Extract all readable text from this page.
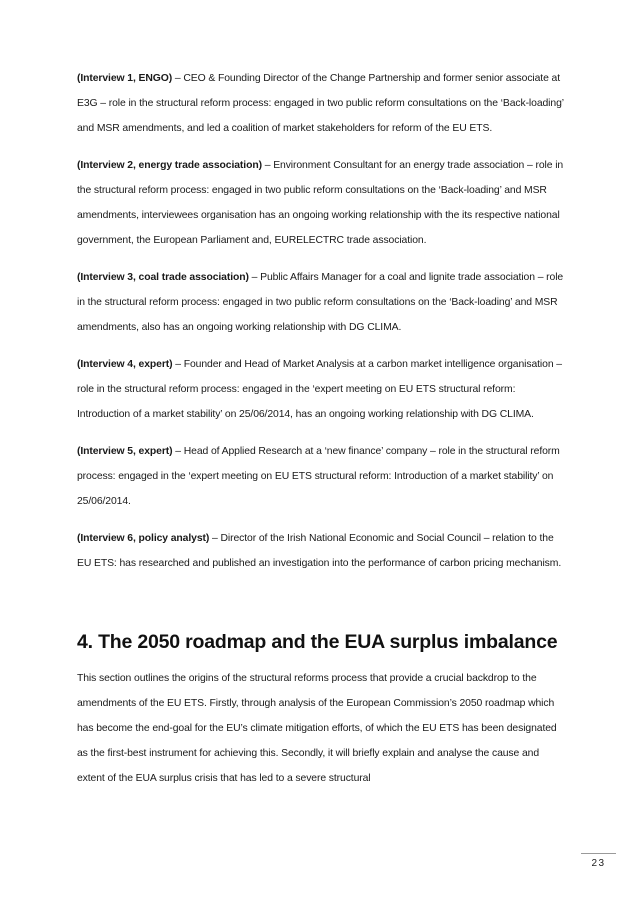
(Interview 1, ENGO) – CEO & Founding Director of the Change Partnership and former senior associate at E3G – role in the structural reform process: engaged in two public reform consultations on the ‘Back-loading’ and MSR amendments, and led a coalition of market stakeholders for reform of the EU ETS.

(Interview 2, energy trade association) – Environment Consultant for an energy trade association – role in the structural reform process: engaged in two public reform consultations on the ‘Back-loading’ and MSR amendments, interviewees organisation has an ongoing working relationship with the its respective national government, the European Parliament and, EURELECTRC trade association.

(Interview 3, coal trade association) – Public Affairs Manager for a coal and lignite trade association – role in the structural reform process: engaged in two public reform consultations on the ‘Back-loading’ and MSR amendments, also has an ongoing working relationship with DG CLIMA.

(Interview 4, expert) – Founder and Head of Market Analysis at a carbon market intelligence organisation – role in the structural reform process: engaged in the ‘expert meeting on EU ETS structural reform: Introduction of a market stability’ on 25/06/2014, has an ongoing working relationship with DG CLIMA.

(Interview 5, expert) – Head of Applied Research at a ‘new finance’ company – role in the structural reform process: engaged in the ‘expert meeting on EU ETS structural reform: Introduction of a market stability’ on 25/06/2014.

(Interview 6, policy analyst) – Director of the Irish National Economic and Social Council – relation to the EU ETS: has researched and published an investigation into the performance of carbon pricing mechanism.

4. The 2050 roadmap and the EUA surplus imbalance

This section outlines the origins of the structural reforms process that provide a crucial backdrop to the amendments of the EU ETS. Firstly, through analysis of the European Commission’s 2050 roadmap which has become the end-goal for the EU’s climate mitigation efforts, of which the EU ETS has been designated as the first-best instrument for achieving this. Secondly, it will briefly explain and analyse the cause and extent of the EUA surplus crisis that has led to a severe structural

23
